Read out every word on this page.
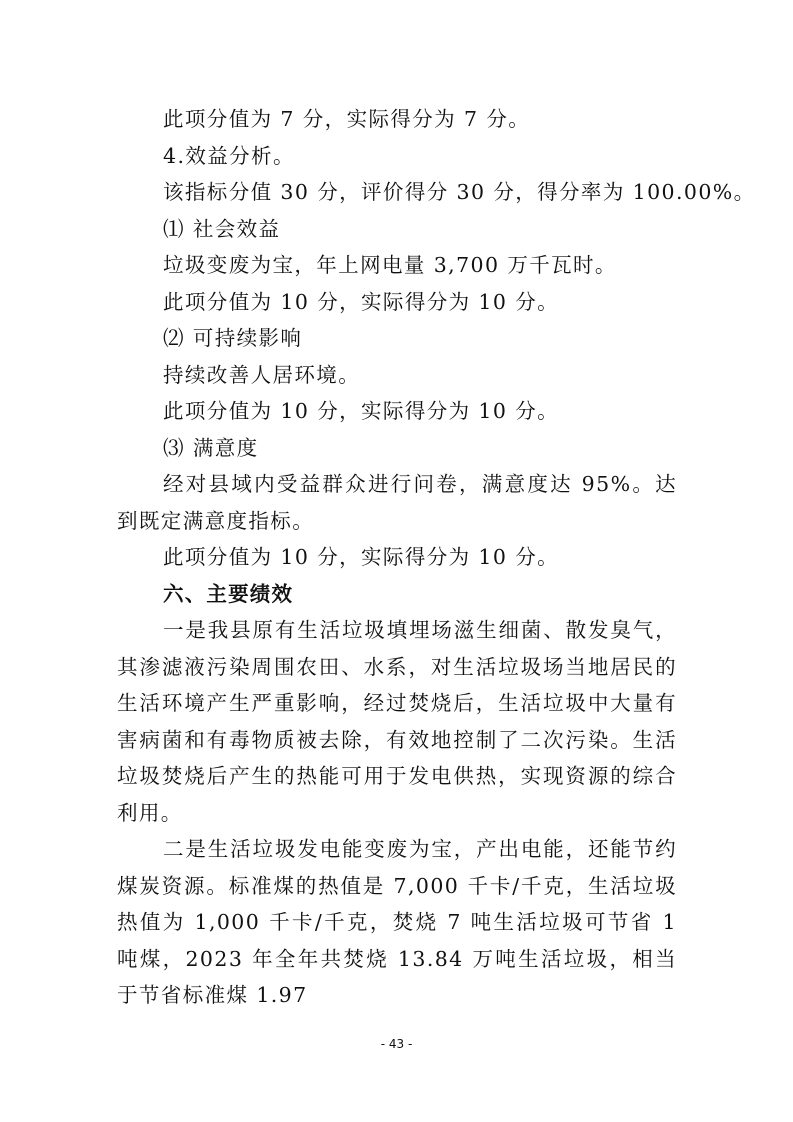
此项分值为 7 分，实际得分为 7 分。
4.效益分析。
该指标分值 30 分，评价得分 30 分，得分率为 100.00%。
⑴ 社会效益
垃圾变废为宝，年上网电量 3,700 万千瓦时。
此项分值为 10 分，实际得分为 10 分。
⑵ 可持续影响
持续改善人居环境。
此项分值为 10 分，实际得分为 10 分。
⑶ 满意度
经对县域内受益群众进行问卷，满意度达 95%。达到既定满意度指标。
此项分值为 10 分，实际得分为 10 分。
六、主要绩效
一是我县原有生活垃圾填埋场滋生细菌、散发臭气，其渗滤液污染周围农田、水系，对生活垃圾场当地居民的生活环境产生严重影响，经过焚烧后，生活垃圾中大量有害病菌和有毒物质被去除，有效地控制了二次污染。生活垃圾焚烧后产生的热能可用于发电供热，实现资源的综合利用。
二是生活垃圾发电能变废为宝，产出电能，还能节约煤炭资源。标准煤的热值是 7,000 千卡/千克，生活垃圾热值为 1,000 千卡/千克，焚烧 7 吨生活垃圾可节省 1 吨煤，2023 年全年共焚烧 13.84 万吨生活垃圾，相当于节省标准煤 1.97
- 43 -
